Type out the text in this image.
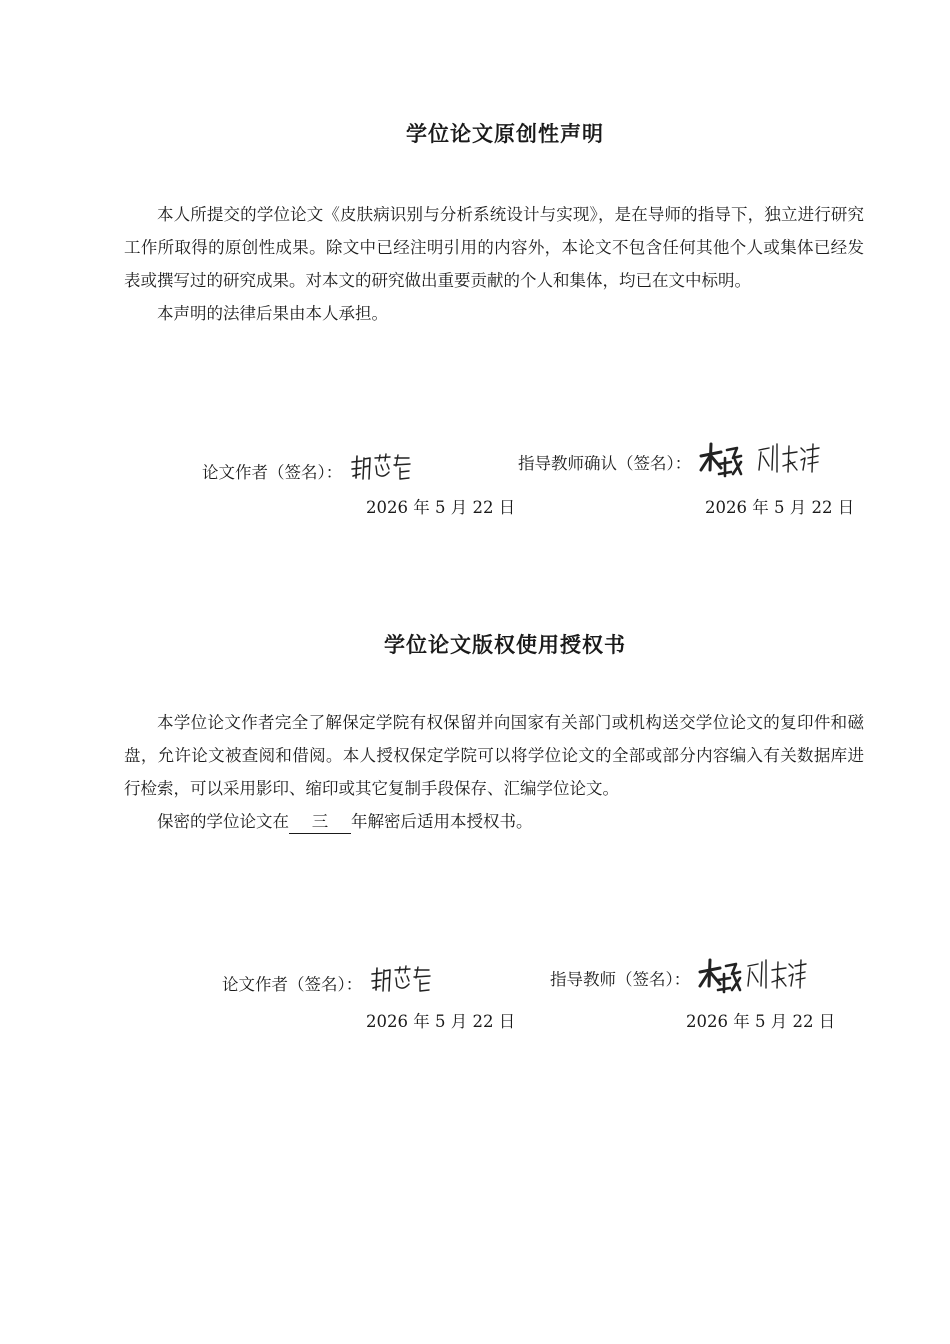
学位论文原创性声明

本人所提交的学位论文《皮肤病识别与分析系统设计与实现》，是在导师的指导下，独立进行研究工作所取得的原创性成果。除文中已经注明引用的内容外，本论文不包含任何其他个人或集体已经发表或撰写过的研究成果。对本文的研究做出重要贡献的个人和集体，均已在文中标明。

本声明的法律后果由本人承担。

论文作者（签名）：	指导教师确认（签名）：
2026 年 5 月 22 日	2026 年 5 月 22 日
学位论文版权使用授权书

本学位论文作者完全了解保定学院有权保留并向国家有关部门或机构送交学位论文的复印件和磁盘，允许论文被查阅和借阅。本人授权保定学院可以将学位论文的全部或部分内容编入有关数据库进行检索，可以采用影印、缩印或其它复制手段保存、汇编学位论文。

保密的学位论文在 三 年解密后适用本授权书。

论文作者（签名）：	指导教师（签名）：
2026 年 5 月 22 日	2026 年 5 月 22 日
